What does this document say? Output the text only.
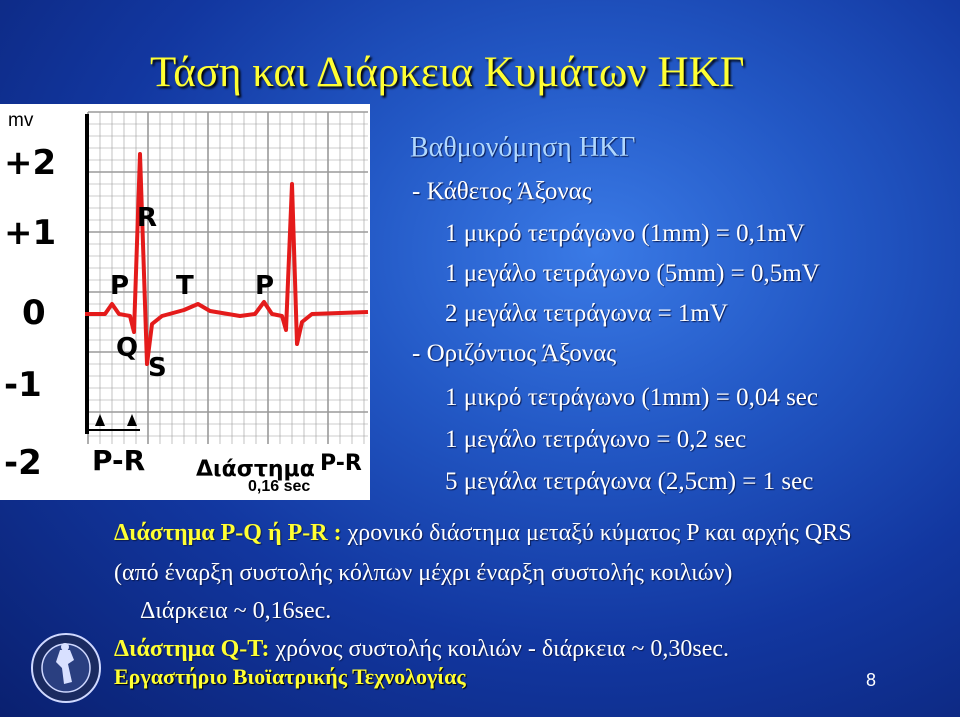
Τάση και Διάρκεια Κυμάτων ΗΚΓ
+2
+1
0
-1
-2
R
P T P
Q
S
P-R Διάστημα P-R
mv
0,16 sec
Βαθμονόμηση ΗΚΓ
- Κάθετος Άξονας
1 μικρό τετράγωνο (1mm) = 0,1mV
1 μεγάλο τετράγωνο (5mm) = 0,5mV
2 μεγάλα τετράγωνα = 1mV
- Οριζόντιος Άξονας
1 μικρό τετράγωνο (1mm) = 0,04 sec
1 μεγάλο τετράγωνο = 0,2 sec
5 μεγάλα τετράγωνα (2,5cm) = 1 sec
Διάστημα P-Q ή P-R : χρονικό διάστημα μεταξύ κύματος P και αρχής QRS
(από έναρξη συστολής κόλπων μέχρι έναρξη συστολής κοιλιών)
Διάρκεια ~ 0,16sec.
Διάστημα Q-T: χρόνος συστολής κοιλιών - διάρκεια ~ 0,30sec.
Εργαστήριο Βιοϊατρικής Τεχνολογίας	8
